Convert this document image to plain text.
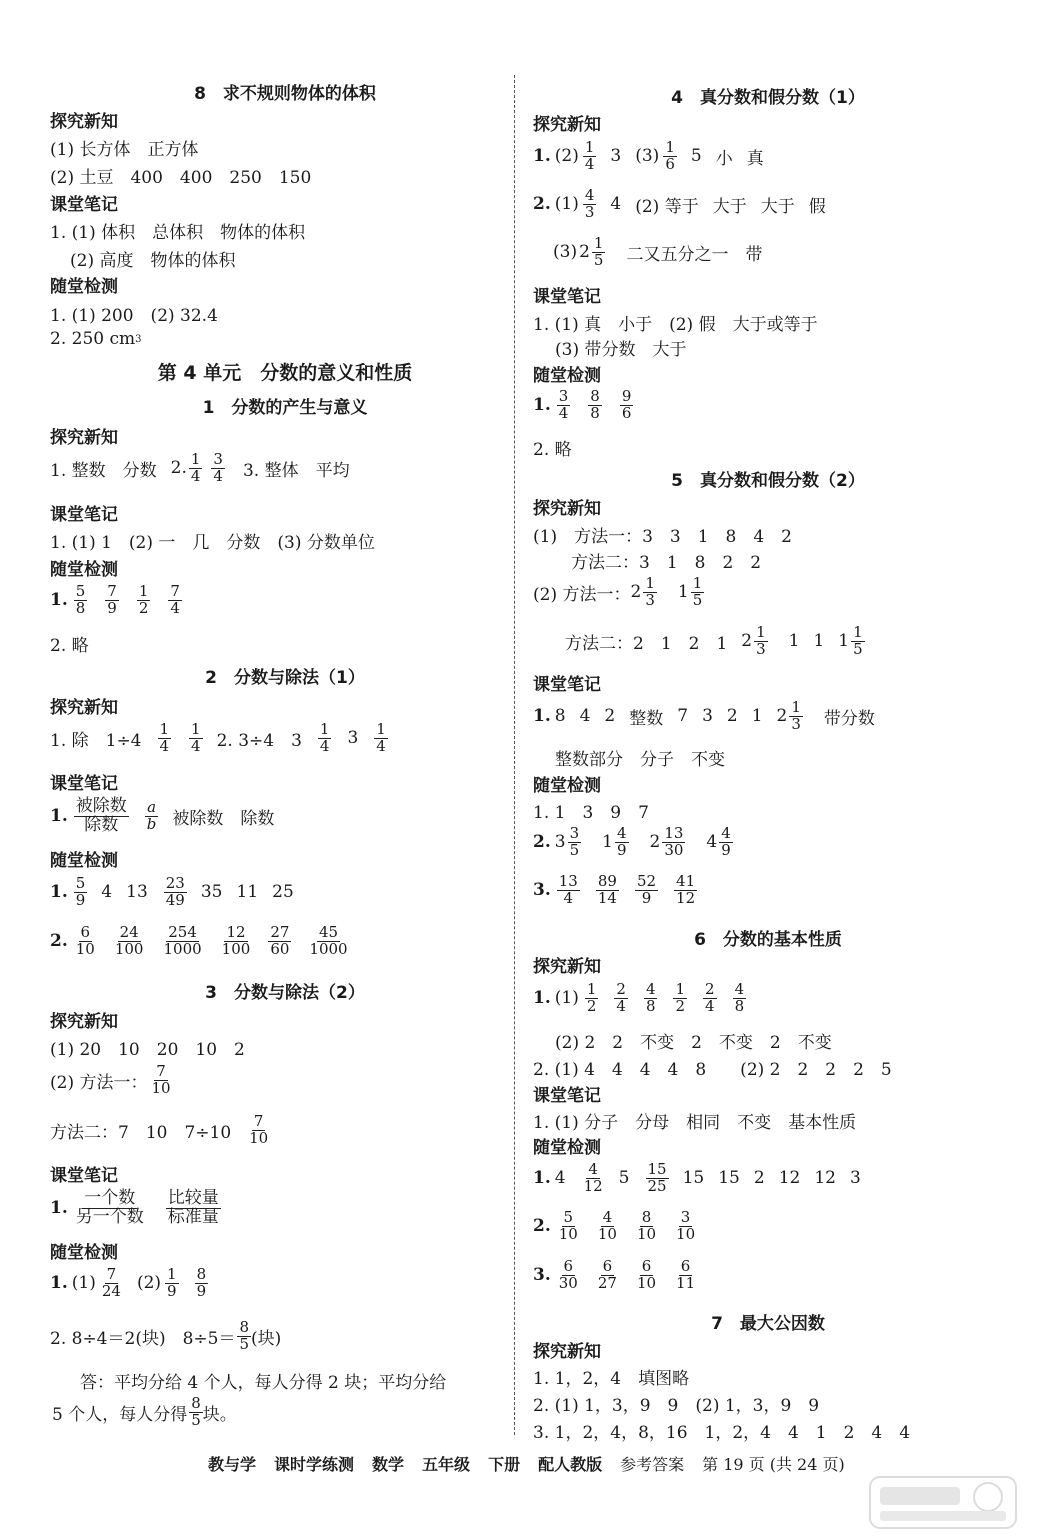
8　求不规则物体的体积
探究新知
(1) 长方体　正方体
(2) 土豆　400　400　250　150
课堂笔记
1. (1) 体积　总体积　物体的体积
(2) 高度　物体的体积
随堂检测
1. (1) 200　(2) 32.4
2. 250 cm 3
第 4 单元　分数的意义和性质
1　分数的产生与意义
探究新知
1. 整数　分数 2. 1
4
3
4 3. 整体　平均
课堂笔记
1. (1) 1　(2) 一　几　分数　(3) 分数单位
随堂检测
1. 5
8
7
9
1
2
7
4
2. 略
2　分数与除法（1）
探究新知
1. 除　1÷4
1
4
1
4 2. 3÷4　3
1
4 3 1
4
课堂笔记
1.
被除数
除数
a
b 被除数　除数
随堂检测
1. 5
9 4 13 23
49 35 11 25
2. 6
10
24
100
254
1000
12
100
27
60
45
1000
3　分数与除法（2）
探究新知
(1) 20　10　20　10　2
(2) 方法一：
7
10
方法二：7　10　7÷10
7
10
课堂笔记
1.
一个数
另一个数
比较量
标准量
随堂检测
1. (1) 7
24 (2) 1
9
8
9
2. 8÷4＝2(块)　8÷5＝
8
5 (块)
答：平均分给 4 个人，每人分得 2 块；平均分给
5 个人，每人分得
8
5 块。
4　真分数和假分数（1）
探究新知
1. (2) 1
4 3 (3) 1
6 5 小 真
2. (1) 4
3 4 (2) 等于 大于 大于 假
(3) 2 1
5 二又五分之一　带
课堂笔记
1. (1) 真　小于　(2) 假　大于或等于
(3) 带分数　大于
随堂检测
1. 3
4
8
8
9
6
2. 略
5　真分数和假分数（2）
探究新知
(1)　方法一：3　3　1　8　4　2
方法二：3　1　8　2　2
(2) 方法一： 2 1
3 1 1
5
方法二：2　1　2　1 2 1
3 1 1 1 1
5
课堂笔记
1. 8 4 2 整数 7 3 2 1 2 1
3 带分数
整数部分　分子　不变
随堂检测
1. 1　3　9　7
2. 3 3
5 1 4
9 2 13
30 4 4
9
3. 13
4
89
14
52
9
41
12
6　分数的基本性质
探究新知
1. (1) 1
2
2
4
4
8
1
2
2
4
4
8
(2) 2　2　不变　2　不变　2　不变
2. (1) 4　4　4　4　8　　(2) 2　2　2　2　5
课堂笔记
1. (1) 分子　分母　相同　不变　基本性质
随堂检测
1. 4 4
12 5 15
25 15 15 2 12 12 3
2. 5
10
4
10
8
10
3
10
3. 6
30
6
27
6
10
6
11
7　最大公因数
探究新知
1. 1，2，4　填图略
2. (1) 1，3，9　9　(2) 1，3，9　9
3. 1，2，4，8，16　1，2，4　4　1　2　4　4
教与学 课时学练测 数学 五年级 下册 配人教版 参考答案 第 19 页 (共 24 页)
